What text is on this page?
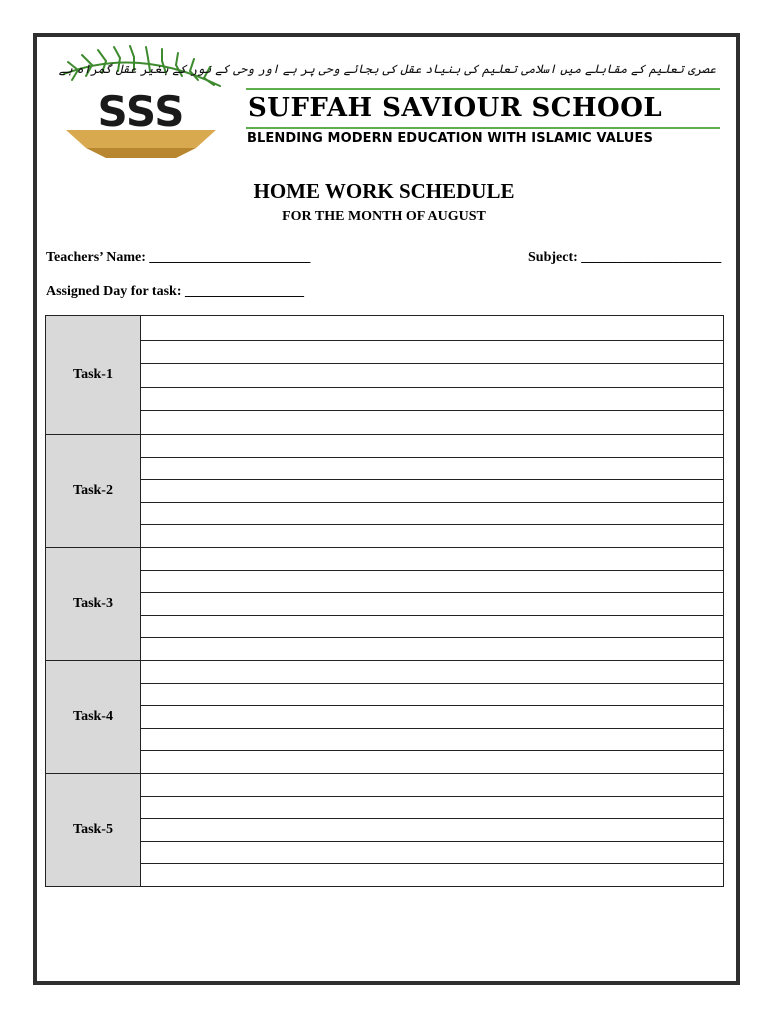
SSS
عصری تعلیم کے مقابلے میں اسلامی تعلیم کی بنیاد عقل کی بجائے وحی پر ہے اور وحی کے نور کے بغیر عقل گمراہ ہے
SUFFAH SAVIOUR SCHOOL
BLENDING MODERN EDUCATION WITH ISLAMIC VALUES
HOME WORK SCHEDULE
FOR THE MONTH OF AUGUST
Teachers’ Name: _______________________	Subject: ____________________
Assigned Day for task: _________________
Task-1
Task-2
Task-3
Task-4
Task-5
